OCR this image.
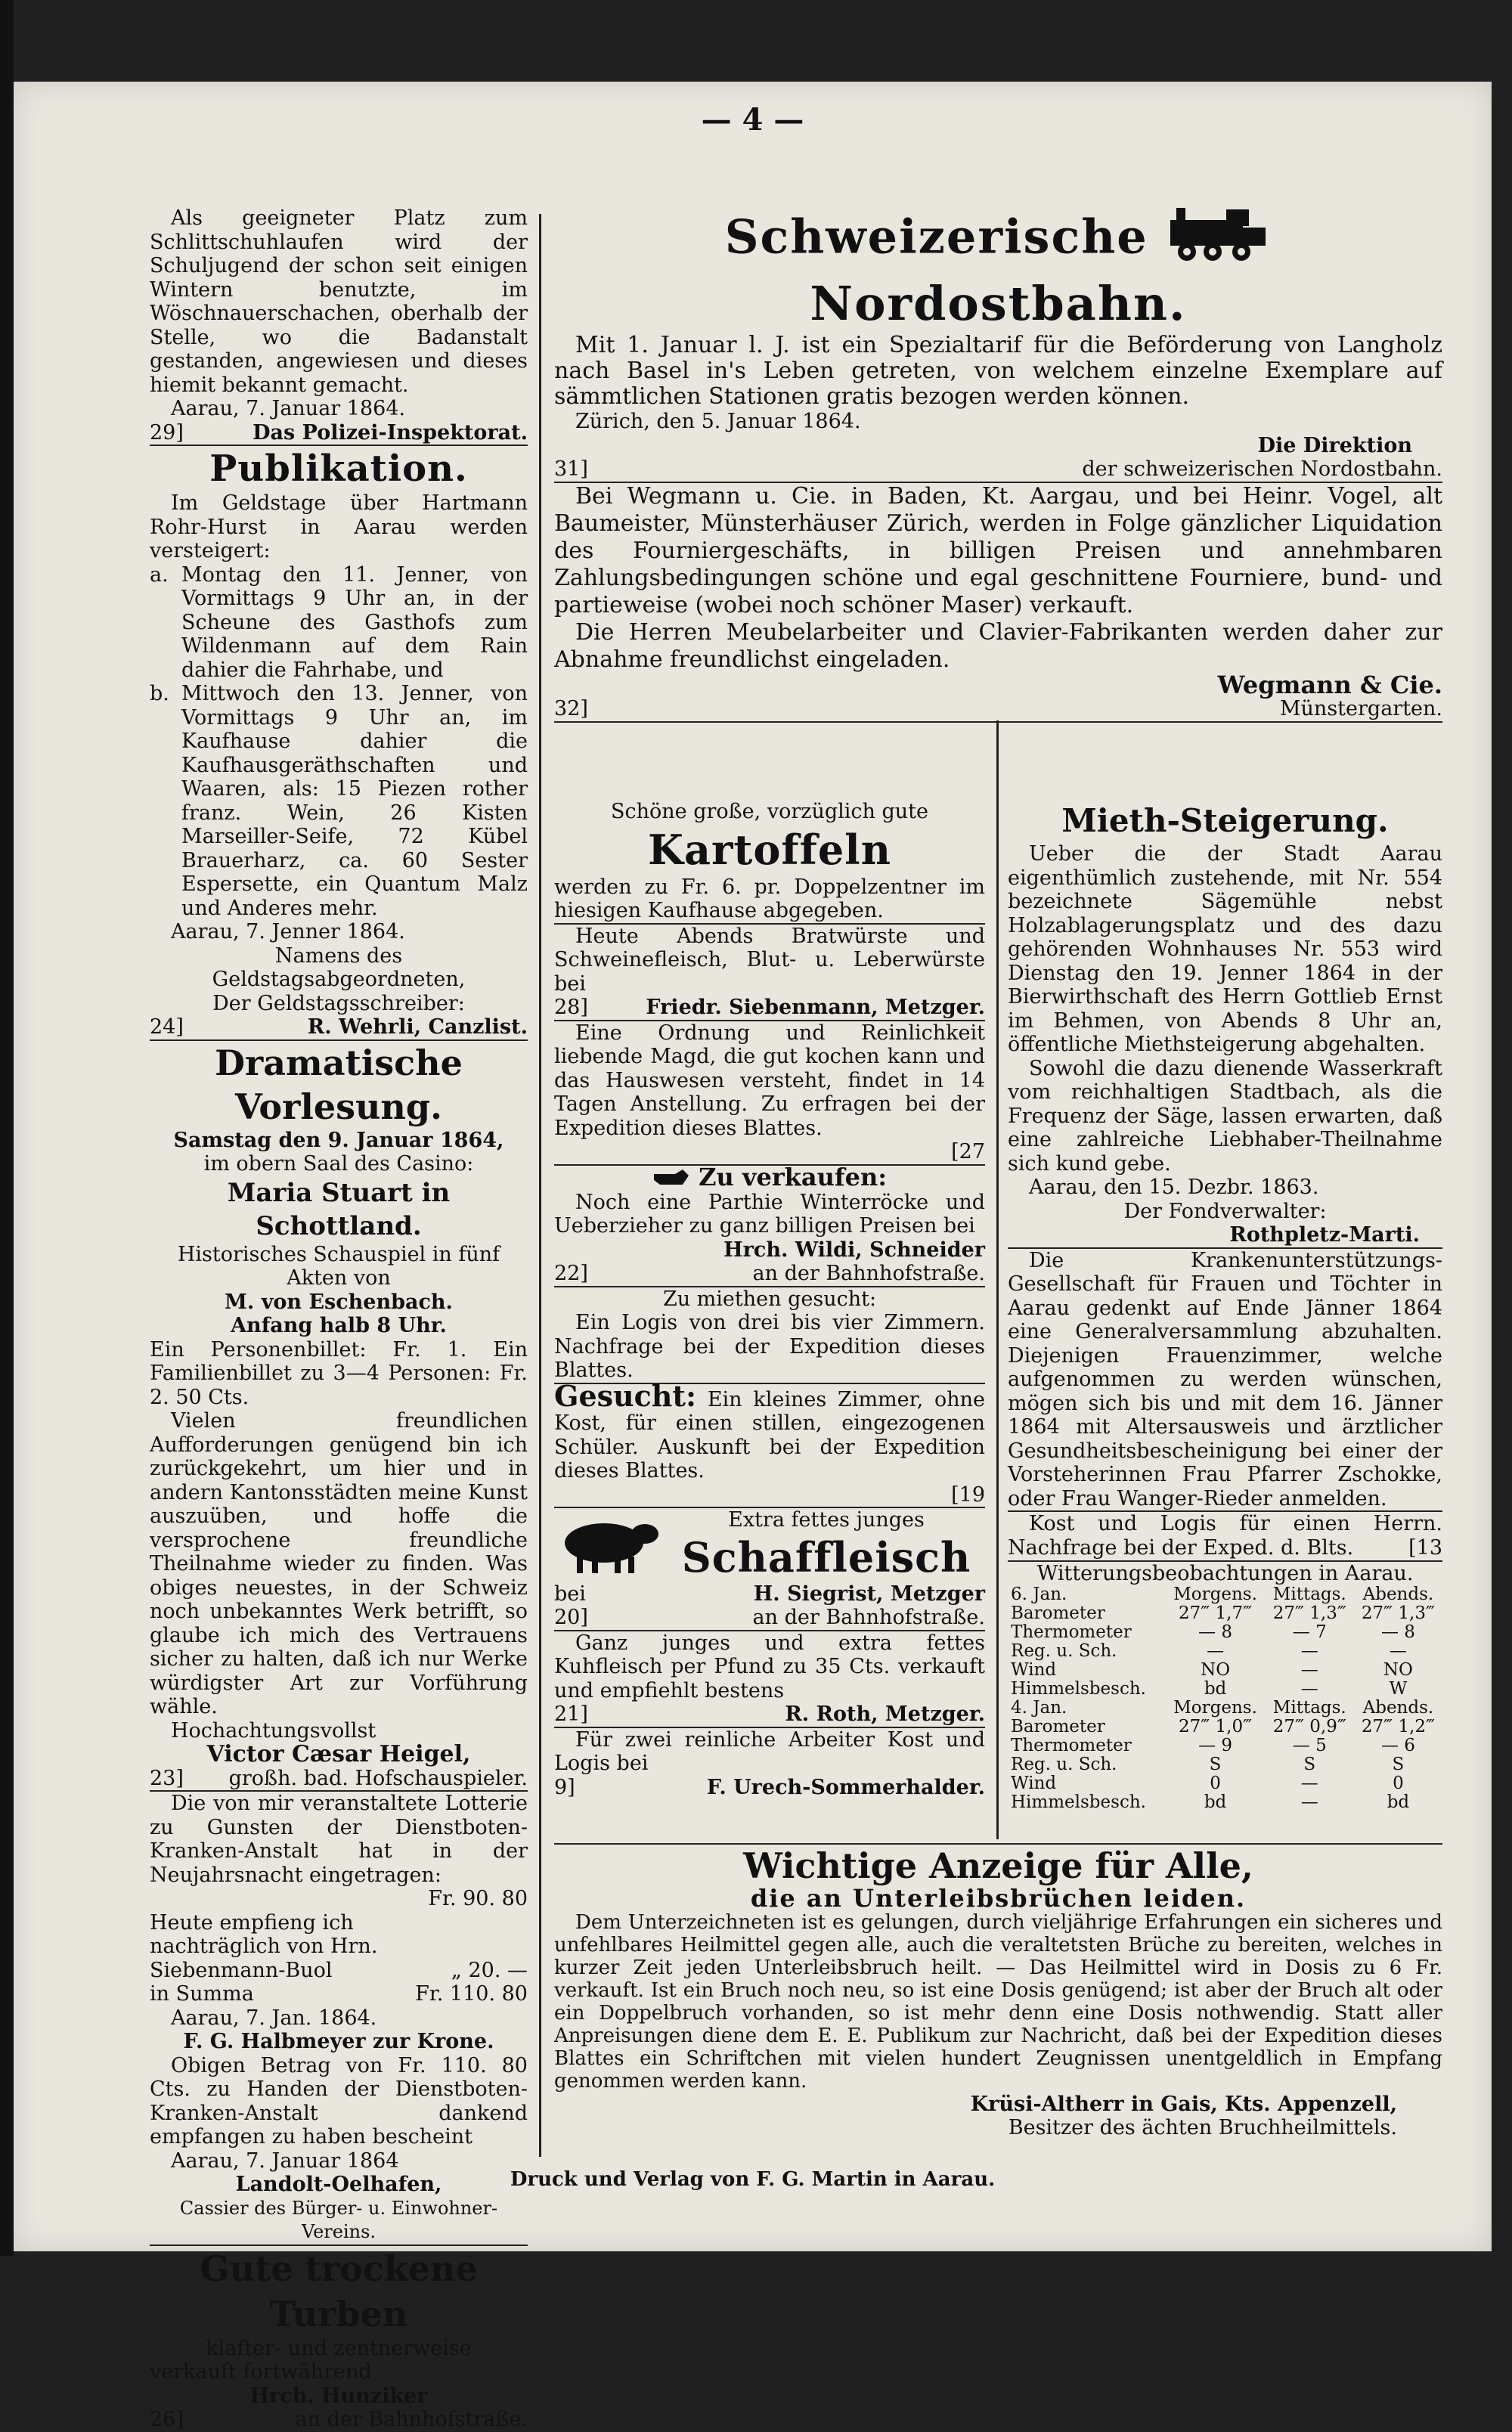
— 4 —

Als geeigneter Platz zum Schlittschuhlaufen wird der Schuljugend der schon seit einigen Wintern benutzte, im Wöschnauerschachen, oberhalb der Stelle, wo die Badanstalt gestanden, angewiesen und dieses hiemit bekannt gemacht.

Aarau, 7. Januar 1864.

29]	Das Polizei-Inspektorat.
Publikation.

Im Geldstage über Hartmann Rohr-Hurst in Aarau werden versteigert:

a. Montag den 11. Jenner, von Vormittags 9 Uhr an, in der Scheune des Gasthofs zum Wildenmann auf dem Rain dahier die Fahrhabe, und

b. Mittwoch den 13. Jenner, von Vormittags 9 Uhr an, im Kaufhause dahier die Kaufhausgeräthschaften und Waaren, als: 15 Piezen rother franz. Wein, 26 Kisten Marseiller-Seife, 72 Kübel Brauerharz, ca. 60 Sester Espersette, ein Quantum Malz und Anderes mehr.

Aarau, 7. Jenner 1864.

Namens des Geldstagsabgeordneten,

Der Geldstagsschreiber:

24]	R. Wehrli, Canzlist.
Dramatische Vorlesung.

Samstag den 9. Januar 1864,

im obern Saal des Casino:

Maria Stuart in Schottland.

Historisches Schauspiel in fünf Akten von

M. von Eschenbach.

Anfang halb 8 Uhr.

Ein Personenbillet: Fr. 1. Ein Familienbillet zu 3—4 Personen: Fr. 2. 50 Cts.

Vielen freundlichen Aufforderungen genügend bin ich zurückgekehrt, um hier und in andern Kantonsstädten meine Kunst auszuüben, und hoffe die versprochene freundliche Theilnahme wieder zu finden. Was obiges neuestes, in der Schweiz noch unbekanntes Werk betrifft, so glaube ich mich des Vertrauens sicher zu halten, daß ich nur Werke würdigster Art zur Vorführung wähle.

Hochachtungsvollst

Victor Cæsar Heigel,

23] großh. bad. Hofschauspieler.

Die von mir veranstaltete Lotterie zu Gunsten der Dienstboten-Kranken-Anstalt hat in der Neujahrsnacht eingetragen:

Fr. 90. 80

Heute empfieng ich nachträglich von Hrn. Siebenmann-Buol	„ 20. —
in Summa	Fr. 110. 80

Aarau, 7. Jan. 1864.

F. G. Halbmeyer zur Krone.

Obigen Betrag von Fr. 110. 80 Cts. zu Handen der Dienstboten-Kranken-Anstalt dankend empfangen zu haben bescheint

Aarau, 7. Januar 1864

Landolt-Oelhafen,

Cassier des Bürger- u. Einwohner-Vereins.

Gute trockene Turben

klafter- und zentnerweise

verkauft fortwährend

Hrch. Hunziker

26]	an der Bahnhofstraße.
Schweizerische  Nordostbahn.

Mit 1. Januar l. J. ist ein Spezialtarif für die Beförderung von Langholz nach Basel in's Leben getreten, von welchem einzelne Exemplare auf sämmtlichen Stationen gratis bezogen werden können.

Zürich, den 5. Januar 1864.

Die Direktion

31]	der schweizerischen Nordostbahn.

Bei Wegmann u. Cie. in Baden, Kt. Aargau, und bei Heinr. Vogel, alt Baumeister, Münsterhäuser Zürich, werden in Folge gänzlicher Liquidation des Fourniergeschäfts, in billigen Preisen und annehmbaren Zahlungsbedingungen schöne und egal geschnittene Fourniere, bund- und partieweise (wobei noch schöner Maser) verkauft.

Die Herren Meubelarbeiter und Clavier-Fabrikanten werden daher zur Abnahme freundlichst eingeladen.

Wegmann & Cie.

32]	Münstergarten.

Schöne große, vorzüglich gute

Kartoffeln

werden zu Fr. 6. pr. Doppelzentner im hiesigen Kaufhause abgegeben.

Heute Abends Bratwürste und Schweinefleisch, Blut- u. Leberwürste bei

28]	Friedr. Siebenmann, Metzger.

Eine Ordnung und Reinlichkeit liebende Magd, die gut kochen kann und das Hauswesen versteht, findet in 14 Tagen Anstellung. Zu erfragen bei der Expedition dieses Blattes.

[27

Zu verkaufen:

Noch eine Parthie Winterröcke und Ueberzieher zu ganz billigen Preisen bei

Hrch. Wildi, Schneider

22]	an der Bahnhofstraße.

Zu miethen gesucht:

Ein Logis von drei bis vier Zimmern. Nachfrage bei der Expedition dieses Blattes.

Gesucht: Ein kleines Zimmer, ohne Kost, für einen stillen, eingezogenen Schüler. Auskunft bei der Expedition dieses Blattes.

[19

Extra fettes junges

Schaffleisch
bei	H. Siegrist, Metzger
20]	an der Bahnhofstraße.

Ganz junges und extra fettes Kuhfleisch per Pfund zu 35 Cts. verkauft und empfiehlt bestens

21]	R. Roth, Metzger.

Für zwei reinliche Arbeiter Kost und Logis bei

9]	F. Urech-Sommerhalder.
Mieth-Steigerung.

Ueber die der Stadt Aarau eigenthümlich zustehende, mit Nr. 554 bezeichnete Sägemühle nebst Holzablagerungsplatz und des dazu gehörenden Wohnhauses Nr. 553 wird Dienstag den 19. Jenner 1864 in der Bierwirthschaft des Herrn Gottlieb Ernst im Behmen, von Abends 8 Uhr an, öffentliche Miethsteigerung abgehalten.

Sowohl die dazu dienende Wasserkraft vom reichhaltigen Stadtbach, als die Frequenz der Säge, lassen erwarten, daß eine zahlreiche Liebhaber-Theilnahme sich kund gebe.

Aarau, den 15. Dezbr. 1863.

Der Fondverwalter:

Rothpletz-Marti.

Die Krankenunterstützungs-Gesellschaft für Frauen und Töchter in Aarau gedenkt auf Ende Jänner 1864 eine Generalversammlung abzuhalten. Diejenigen Frauenzimmer, welche aufgenommen zu werden wünschen, mögen sich bis und mit dem 16. Jänner 1864 mit Altersausweis und ärztlicher Gesundheitsbescheinigung bei einer der Vorsteherinnen Frau Pfarrer Zschokke, oder Frau Wanger-Rieder anmelden.

Kost und Logis für einen Herrn. Nachfrage bei der Exped. d. Blts.	[13

Witterungsbeobachtungen in Aarau.

6. Jan.	Morgens.	Mittags.	Abends.
Barometer	27‴ 1,7‴	27‴ 1,3‴	27‴ 1,3‴
Thermometer	— 8	— 7	— 8
Reg. u. Sch.	—	—	—
Wind	NO	—	NO
Himmelsbesch.	bd	—	W
4. Jan.	Morgens.	Mittags.	Abends.
Barometer	27‴ 1,0‴	27‴ 0,9‴	27‴ 1,2‴
Thermometer	— 9	— 5	— 6
Reg. u. Sch.	S	S	S
Wind	0	—	0
Himmelsbesch.	bd	—	bd
Wichtige Anzeige für Alle,

die an Unterleibsbrüchen leiden.

Dem Unterzeichneten ist es gelungen, durch vieljährige Erfahrungen ein sicheres und unfehlbares Heilmittel gegen alle, auch die veraltetsten Brüche zu bereiten, welches in kurzer Zeit jeden Unterleibsbruch heilt. — Das Heilmittel wird in Dosis zu 6 Fr. verkauft. Ist ein Bruch noch neu, so ist eine Dosis genügend; ist aber der Bruch alt oder ein Doppelbruch vorhanden, so ist mehr denn eine Dosis nothwendig. Statt aller Anpreisungen diene dem E. E. Publikum zur Nachricht, daß bei der Expedition dieses Blattes ein Schriftchen mit vielen hundert Zeugnissen unentgeldlich in Empfang genommen werden kann.

Krüsi-Altherr in Gais, Kts. Appenzell,

Besitzer des ächten Bruchheilmittels.

Druck und Verlag von F. G. Martin in Aarau.
